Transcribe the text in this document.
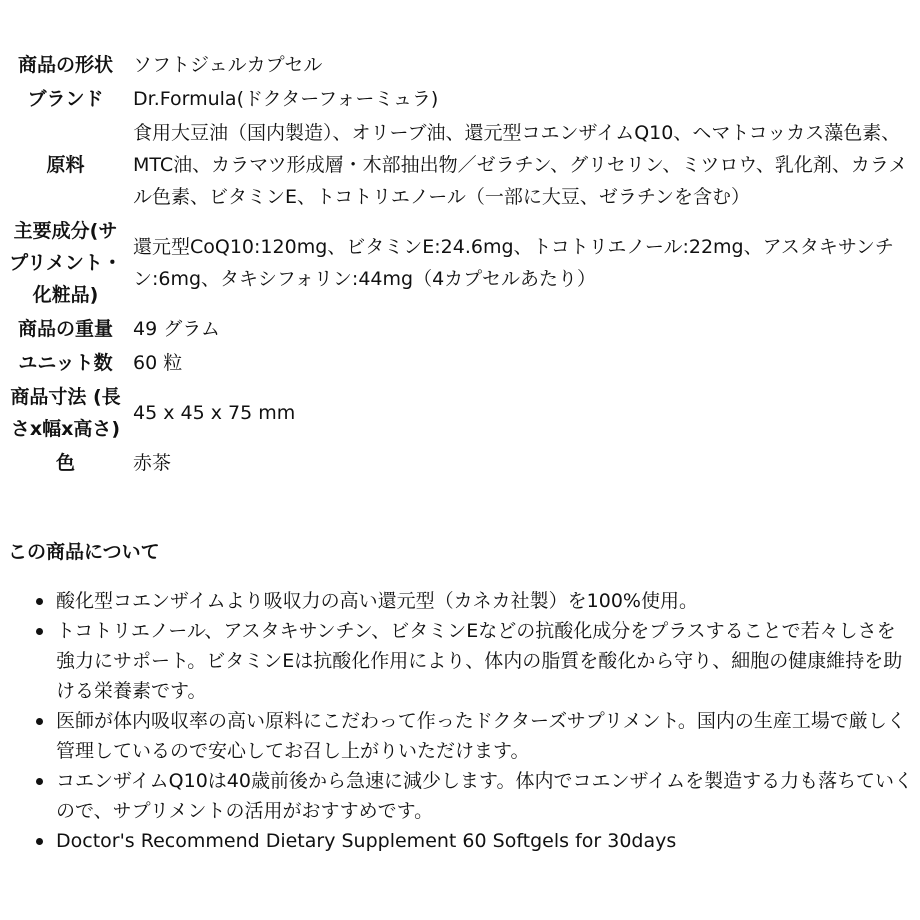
商品の形状	ソフトジェルカプセル
ブランド	Dr.Formula(ドクターフォーミュラ)
原料	食用大豆油（国内製造）、オリーブ油、還元型コエンザイムQ10、ヘマトコッカス藻色素、MTC油、カラマツ形成層・木部抽出物／ゼラチン、グリセリン、ミツロウ、乳化剤、カラメル色素、ビタミンE、トコトリエノール（一部に大豆、ゼラチンを含む）
主要成分(サプリメント・化粧品)	還元型CoQ10:120mg、ビタミンE:24.6mg、トコトリエノール:22mg、アスタキサンチン:6mg、タキシフォリン:44mg（4カプセルあたり）
商品の重量	49 グラム
ユニット数	60 粒
商品寸法 (長さx幅x高さ)	45 x 45 x 75 mm
色	赤茶
この商品について
酸化型コエンザイムより吸収力の高い還元型（カネカ社製）を100%使用。
トコトリエノール、アスタキサンチン、ビタミンEなどの抗酸化成分をプラスすることで若々しさを強力にサポート。ビタミンEは抗酸化作用により、体内の脂質を酸化から守り、細胞の健康維持を助ける栄養素です。
医師が体内吸収率の高い原料にこだわって作ったドクターズサプリメント。国内の生産工場で厳しく管理しているので安心してお召し上がりいただけます。
コエンザイムQ10は40歳前後から急速に減少します。体内でコエンザイムを製造する力も落ちていくので、サプリメントの活用がおすすめです。
Doctor's Recommend Dietary Supplement 60 Softgels for 30days
